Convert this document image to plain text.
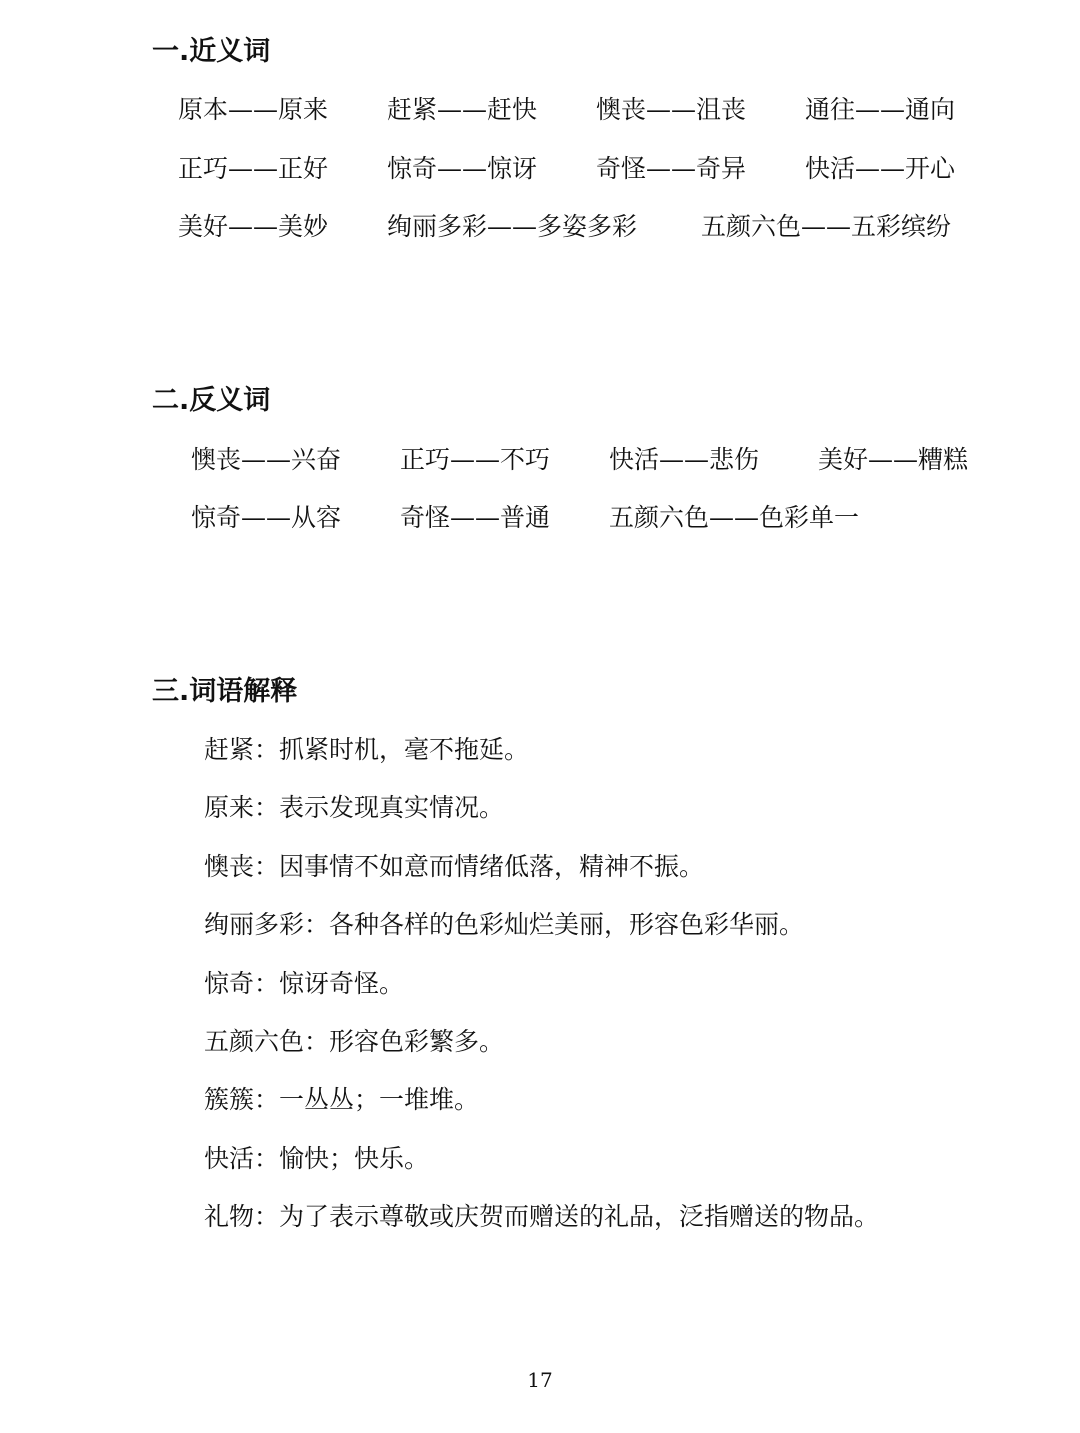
一.近义词
原本——原来 赶紧——赶快 懊丧——沮丧 通往——通向
正巧——正好 惊奇——惊讶 奇怪——奇异 快活——开心
美好——美妙 绚丽多彩——多姿多彩	五颜六色——五彩缤纷
二.反义词
懊丧——兴奋 正巧——不巧 快活——悲伤 美好——糟糕
惊奇——从容 奇怪——普通 五颜六色——色彩单一
三.词语解释
赶紧：抓紧时机，毫不拖延。
原来：表示发现真实情况。
懊丧：因事情不如意而情绪低落，精神不振。
绚丽多彩：各种各样的色彩灿烂美丽，形容色彩华丽。
惊奇：惊讶奇怪。
五颜六色：形容色彩繁多。
簇簇：一丛丛；一堆堆。
快活：愉快；快乐。
礼物：为了表示尊敬或庆贺而赠送的礼品，泛指赠送的物品。
17
